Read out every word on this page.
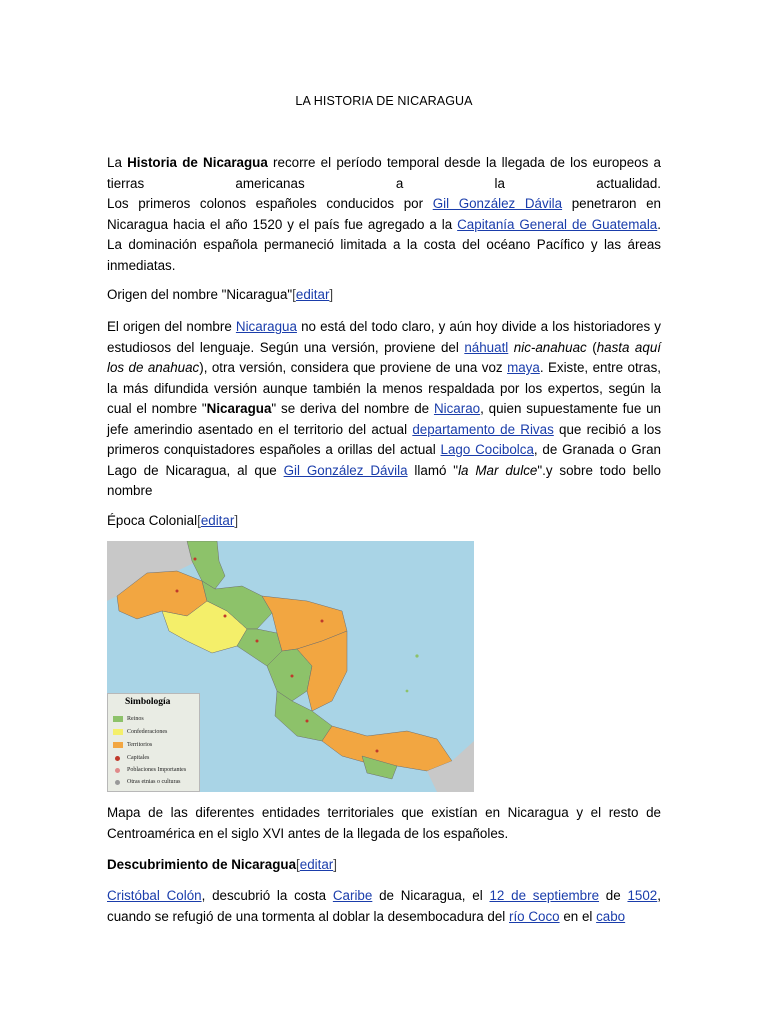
LA HISTORIA DE NICARAGUA
La Historia de Nicaragua recorre el período temporal desde la llegada de los europeos a tierras americanas a la actualidad.
Los primeros colonos españoles conducidos por Gil González Dávila penetraron en Nicaragua hacia el año 1520 y el país fue agregado a la Capitanía General de Guatemala. La dominación española permaneció limitada a la costa del océano Pacífico y las áreas inmediatas.
Origen del nombre "Nicaragua"[editar]
El origen del nombre Nicaragua no está del todo claro, y aún hoy divide a los historiadores y estudiosos del lenguaje. Según una versión, proviene del náhuatl nic-anahuac (hasta aquí los de anahuac), otra versión, considera que proviene de una voz maya. Existe, entre otras, la más difundida versión aunque también la menos respaldada por los expertos, según la cual el nombre "Nicaragua" se deriva del nombre de Nicarao, quien supuestamente fue un jefe amerindio asentado en el territorio del actual departamento de Rivas que recibió a los primeros conquistadores españoles a orillas del actual Lago Cocibolca, de Granada o Gran Lago de Nicaragua, al que Gil González Dávila llamó "la Mar dulce".y sobre todo bello nombre
Época Colonial[editar]
Simbología
Reinos
Confederaciones
Territorios
Capitales
Poblaciones Importantes
Otras etnias o culturas
Mapa de las diferentes entidades territoriales que existían en Nicaragua y el resto de Centroamérica en el siglo XVI antes de la llegada de los españoles.
Descubrimiento de Nicaragua[editar]
Cristóbal Colón, descubrió la costa Caribe de Nicaragua, el 12 de septiembre de 1502, cuando se refugió de una tormenta al doblar la desembocadura del río Coco en el cabo
